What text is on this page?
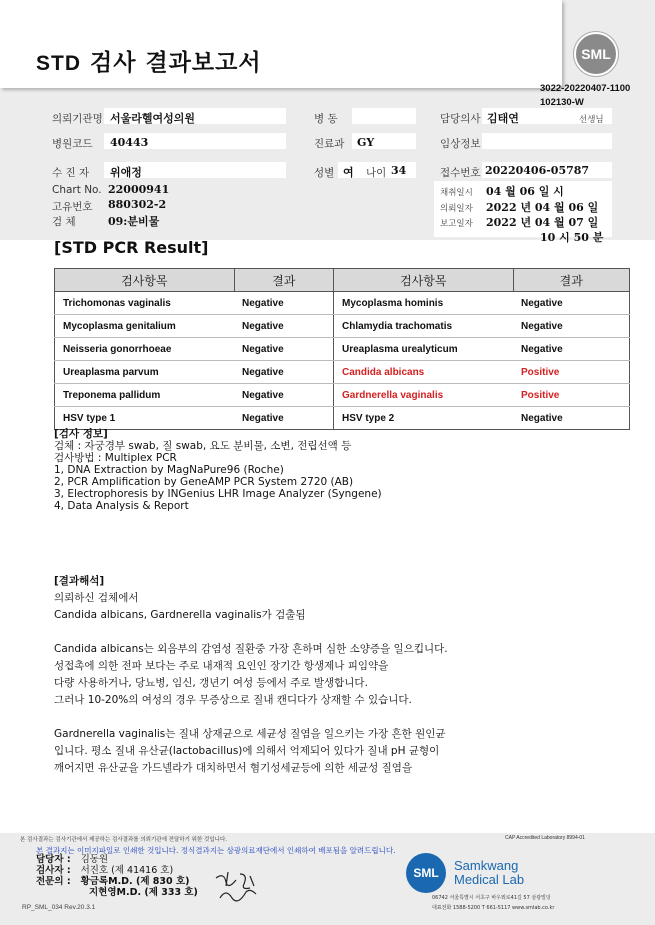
STD 검사 결과보고서	SML
3022-20220407-1100
102130-W
의뢰기관명 서울라헬여성의원	병 동	담당의사 김태연	선생님
병원코드 40443	진료과 GY	임상정보
수 진 자 위애정	성별 여 나이 34	접수번호 20220406-05787
Chart No. 22000941
고유번호 880302-2
검 체	09:분비물
채취일시 04 월 06 일 시
의뢰일자 2022 년 04 월 06 일
보고일자 2022 년 04 월 07 일
10 시 50 분
[STD PCR Result]
검사항목	결과	검사항목	결과
Trichomonas vaginalis	Negative	Mycoplasma hominis	Negative
Mycoplasma genitalium	Negative	Chlamydia trachomatis	Negative
Neisseria gonorrhoeae	Negative	Ureaplasma urealyticum	Negative
Ureaplasma parvum	Negative	Candida albicans	Positive
Treponema pallidum	Negative	Gardnerella vaginalis	Positive
HSV type 1	Negative	HSV type 2	Negative
[검사 정보]
검체 : 자궁경부 swab, 질 swab, 요도 분비물, 소변, 전립선액 등
검사방법 : Multiplex PCR
1, DNA Extraction by MagNaPure96 (Roche)
2, PCR Amplification by GeneAMP PCR System 2720 (AB)
3, Electrophoresis by INGenius LHR Image Analyzer (Syngene)
4, Data Analysis & Report
[결과해석]
의뢰하신 검체에서
Candida albicans, Gardnerella vaginalis가 검출됨
Candida albicans는 외음부의 감염성 질환중 가장 흔하며 심한 소양증을 일으킵니다.
성접촉에 의한 전파 보다는 주로 내재적 요인인 장기간 항생제나 피임약을
다량 사용하거나, 당뇨병, 임신, 갱년기 여성 등에서 주로 발생합니다.
그러나 10-20%의 여성의 경우 무증상으로 질내 캔디다가 상재할 수 있습니다.
Gardnerella vaginalis는 질내 상재균으로 세균성 질염을 일으키는 가장 흔한 원인균
입니다. 평소 질내 유산균(lactobacillus)에 의해서 억제되어 있다가 질내 pH 균형이
깨어지면 유산균을 가드넬라가 대치하면서 혐기성세균등에 의한 세균성 질염을
본 검사결과는 검사기관에서 제공하는 검사결과를 의뢰기관에 전달하기 위한 것입니다.	CAP Accredited Laboratory 8994-01
본 결과지는 이미지파일로 인쇄한 것입니다. 정식결과지는 삼광의료재단에서 인쇄하여 배포됨을 알려드립니다.
담당자 : 김동원
검사자 : 서진호 (제 41416 호)
전문의 : 황금록M.D. (제 830 호)
지현영M.D. (제 333 호)
SML	Samkwang
Medical Lab
06742 서울특별시 서초구 바우뫼로41길 57 삼광빌딩
대표전화 1588-5200 T 661-5117 www.smlab.co.kr
RP_SML_034 Rev.20.3.1
